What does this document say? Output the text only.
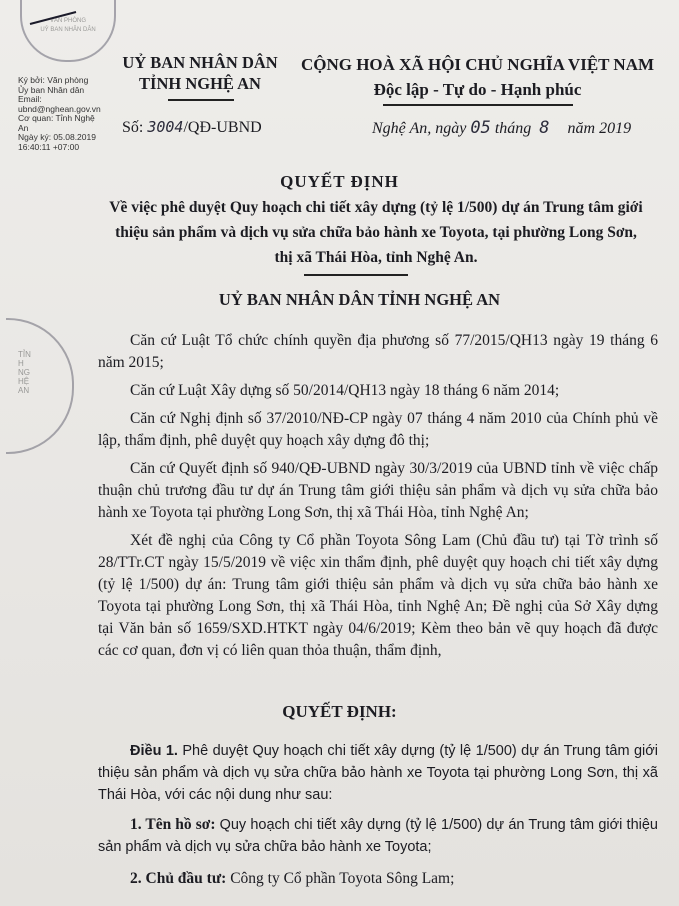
VĂN PHÒNG
UỶ BAN NHÂN DÂN
Ký bởi: Văn phòng
Ủy ban Nhân dân
Email:
ubnd@nghean.gov.vn
Cơ quan: Tỉnh Nghệ
An
Ngày ký: 05.08.2019
16:40:11 +07:00
TỈNH NGHỆ AN
UỶ BAN NHÂN DÂN
TỈNH NGHỆ AN
CỘNG HOÀ XÃ HỘI CHỦ NGHĨA VIỆT NAM
Độc lập - Tự do - Hạnh phúc
Số: 3004/QĐ-UBND	Nghệ An, ngày 05 tháng 8 năm 2019
QUYẾT ĐỊNH
Về việc phê duyệt Quy hoạch chi tiết xây dựng (tỷ lệ 1/500) dự án Trung tâm giới
thiệu sản phẩm và dịch vụ sửa chữa bảo hành xe Toyota, tại phường Long Sơn,
thị xã Thái Hòa, tỉnh Nghệ An.
UỶ BAN NHÂN DÂN TỈNH NGHỆ AN

Căn cứ Luật Tổ chức chính quyền địa phương số 77/2015/QH13 ngày 19 tháng 6 năm 2015;

Căn cứ Luật Xây dựng số 50/2014/QH13 ngày 18 tháng 6 năm 2014;

Căn cứ Nghị định số 37/2010/NĐ-CP ngày 07 tháng 4 năm 2010 của Chính phủ về lập, thẩm định, phê duyệt quy hoạch xây dựng đô thị;

Căn cứ Quyết định số 940/QĐ-UBND ngày 30/3/2019 của UBND tỉnh về việc chấp thuận chủ trương đầu tư dự án Trung tâm giới thiệu sản phẩm và dịch vụ sửa chữa bảo hành xe Toyota tại phường Long Sơn, thị xã Thái Hòa, tỉnh Nghệ An;

Xét đề nghị của Công ty Cổ phần Toyota Sông Lam (Chủ đầu tư) tại Tờ trình số 28/TTr.CT ngày 15/5/2019 về việc xin thẩm định, phê duyệt quy hoạch chi tiết xây dựng (tỷ lệ 1/500) dự án: Trung tâm giới thiệu sản phẩm và dịch vụ sửa chữa bảo hành xe Toyota tại phường Long Sơn, thị xã Thái Hòa, tỉnh Nghệ An; Đề nghị của Sở Xây dựng tại Văn bản số 1659/SXD.HTKT ngày 04/6/2019; Kèm theo bản vẽ quy hoạch đã được các cơ quan, đơn vị có liên quan thỏa thuận, thẩm định,

QUYẾT ĐỊNH:

Điều 1. Phê duyệt Quy hoạch chi tiết xây dựng (tỷ lệ 1/500) dự án Trung tâm giới thiệu sản phẩm và dịch vụ sửa chữa bảo hành xe Toyota tại phường Long Sơn, thị xã Thái Hòa, với các nội dung như sau:

1. Tên hồ sơ: Quy hoạch chi tiết xây dựng (tỷ lệ 1/500) dự án Trung tâm giới thiệu sản phẩm và dịch vụ sửa chữa bảo hành xe Toyota;

2. Chủ đầu tư: Công ty Cổ phần Toyota Sông Lam;
